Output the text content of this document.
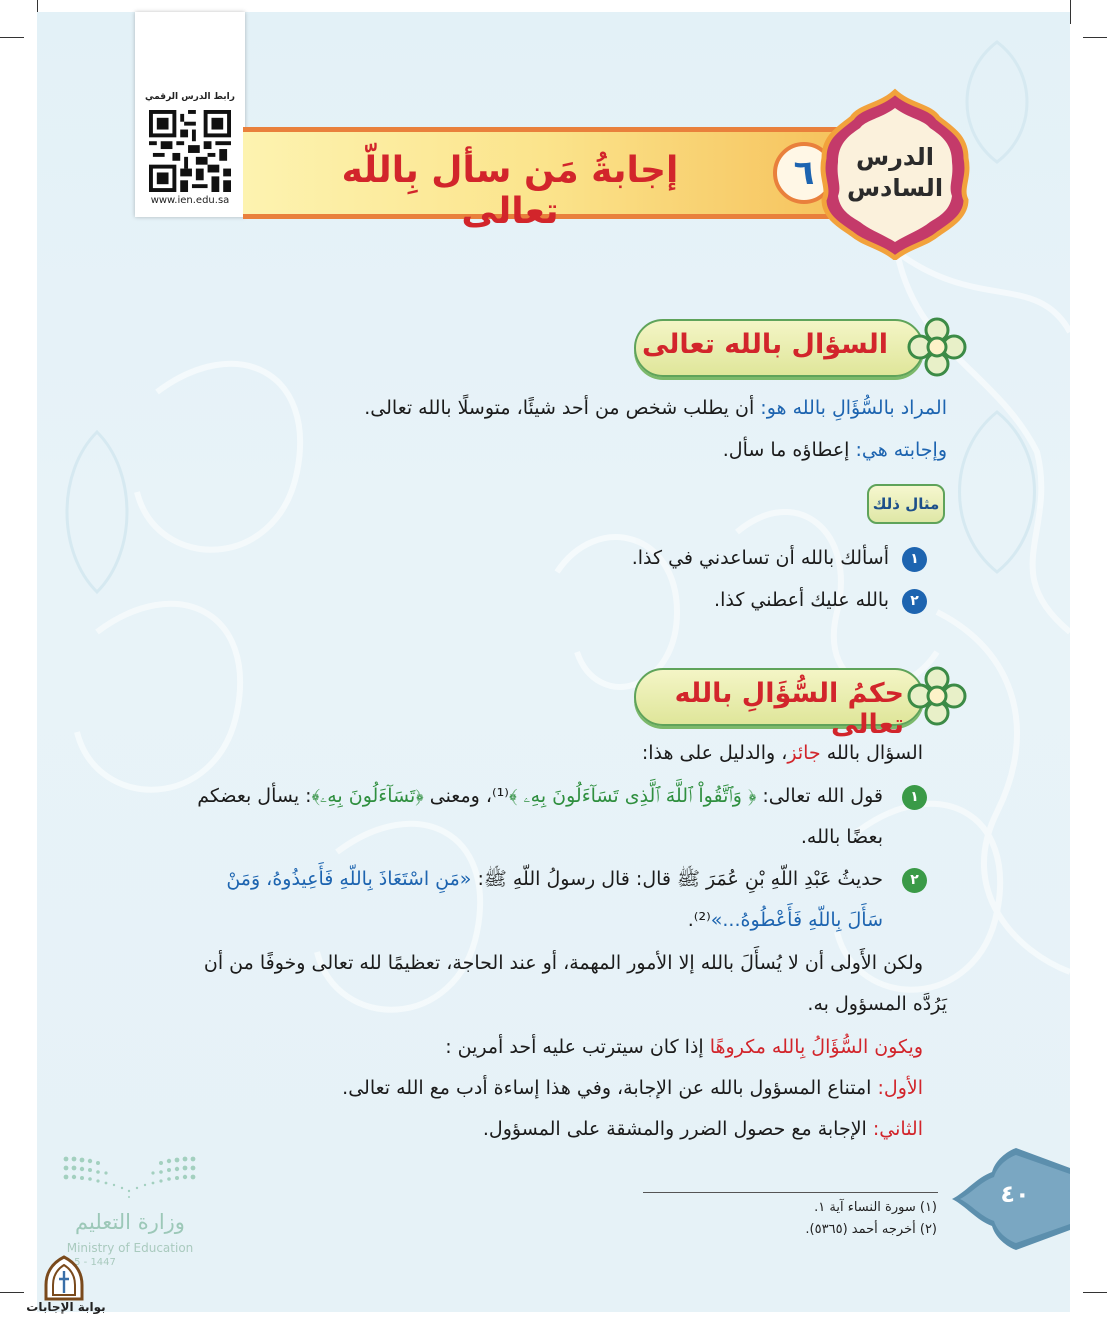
رابط الدرس الرقمي
www.ien.edu.sa
إجابةُ مَن سأل بِاللّه تعالى
٦	الدرس السادس
السؤال بالله تعالى
المراد بالسُّؤَالِ بالله هو: أن يطلب شخص من أحد شيئًا، متوسلًا بالله تعالى.
وإجابته هي: إعطاؤه ما سأل.
مثال ذلك
١
أسألك بالله أن تساعدني في كذا.
٢
بالله عليك أعطني كذا.
حكمُ السُّؤَالِ بالله تعالى
السؤال بالله جائز، والدليل على هذا:
١
قول الله تعالى: ﴿ وَٱتَّقُواْ ٱللَّهَ ٱلَّذِى تَسَآءَلُونَ بِهِۦ ﴾⁽¹⁾، ومعنى ﴿تَسَآءَلُونَ بِهِۦ﴾: يسأل بعضكم
بعضًا بالله.
٢
حديثُ عَبْدِ اللّهِ بْنِ عُمَرَ ﷺ قال: قال رسولُ اللّهِ ﷺ: «مَنِ اسْتَعَاذَ بِاللّهِ فَأَعِيذُوهُ، وَمَنْ
سَأَلَ بِاللّهِ فَأَعْطُوهُ...»⁽²⁾.
ولكن الأَولى أن لا يُسأَلَ بالله إلا الأمور المهمة، أو عند الحاجة، تعظيمًا لله تعالى وخوفًا من أن
يَرُدَّه المسؤول به.
ويكون السُّؤَالُ بِالله مكروهًا إذا كان سيترتب عليه أحد أمرين :
الأول: امتناع المسؤول بالله عن الإجابة، وفي هذا إساءة أدب مع الله تعالى.
الثاني: الإجابة مع حصول الضرر والمشقة على المسؤول.
(١) سورة النساء آية ١.
(٢) أخرجه أحمد (٥٣٦٥).
٤٠
وزارة التعليم
Ministry of Education
5 - 1447
بوابة الإجابات
